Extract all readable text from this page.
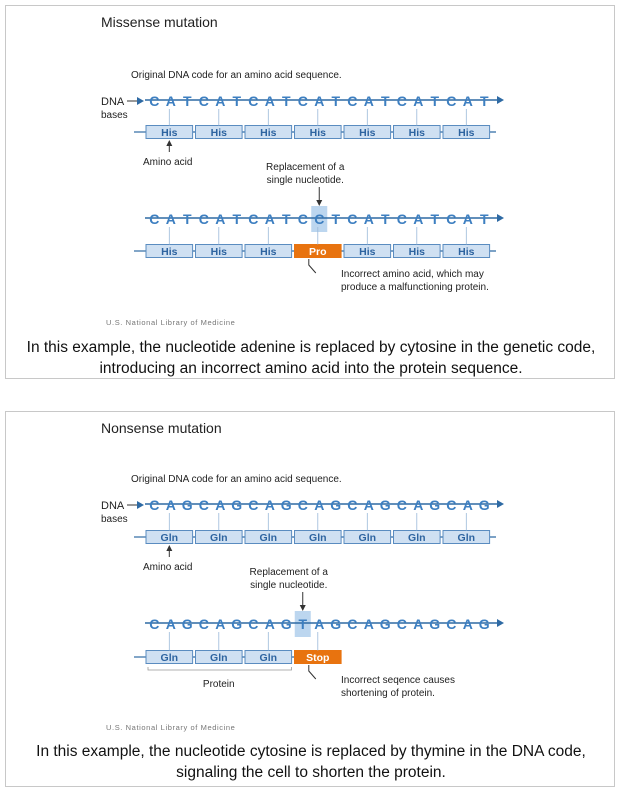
Missense mutation
Original DNA code for an amino acid sequence.
DNA
bases
C A T C A T C A T C A T C A T C A T C A T
His	His	His	His	His	His	His
Amino acid	Replacement of a
single nucleotide.
C A T C A T C A T C C T C A T C A T C A T
His	His	His	Pro	His	His	His
Incorrect amino acid, which may
produce a malfunctioning protein.
U.S. National Library of Medicine
In this example, the nucleotide adenine is replaced by cytosine in the genetic code, introducing an incorrect amino acid into the protein sequence.
Nonsense mutation
Original DNA code for an amino acid sequence.
DNA
bases
C A G C A G C A G C A G C A G C A G C A G
Gln	Gln	Gln	Gln	Gln	Gln	Gln
Amino acid	Replacement of a
single nucleotide.
C A G C A G C A G T A G C A G C A G C A G
Gln	Gln	Gln	Stop
Protein	Incorrect seqence causes
shortening of protein.
U.S. National Library of Medicine
In this example, the nucleotide cytosine is replaced by thymine in the DNA code, signaling the cell to shorten the protein.
